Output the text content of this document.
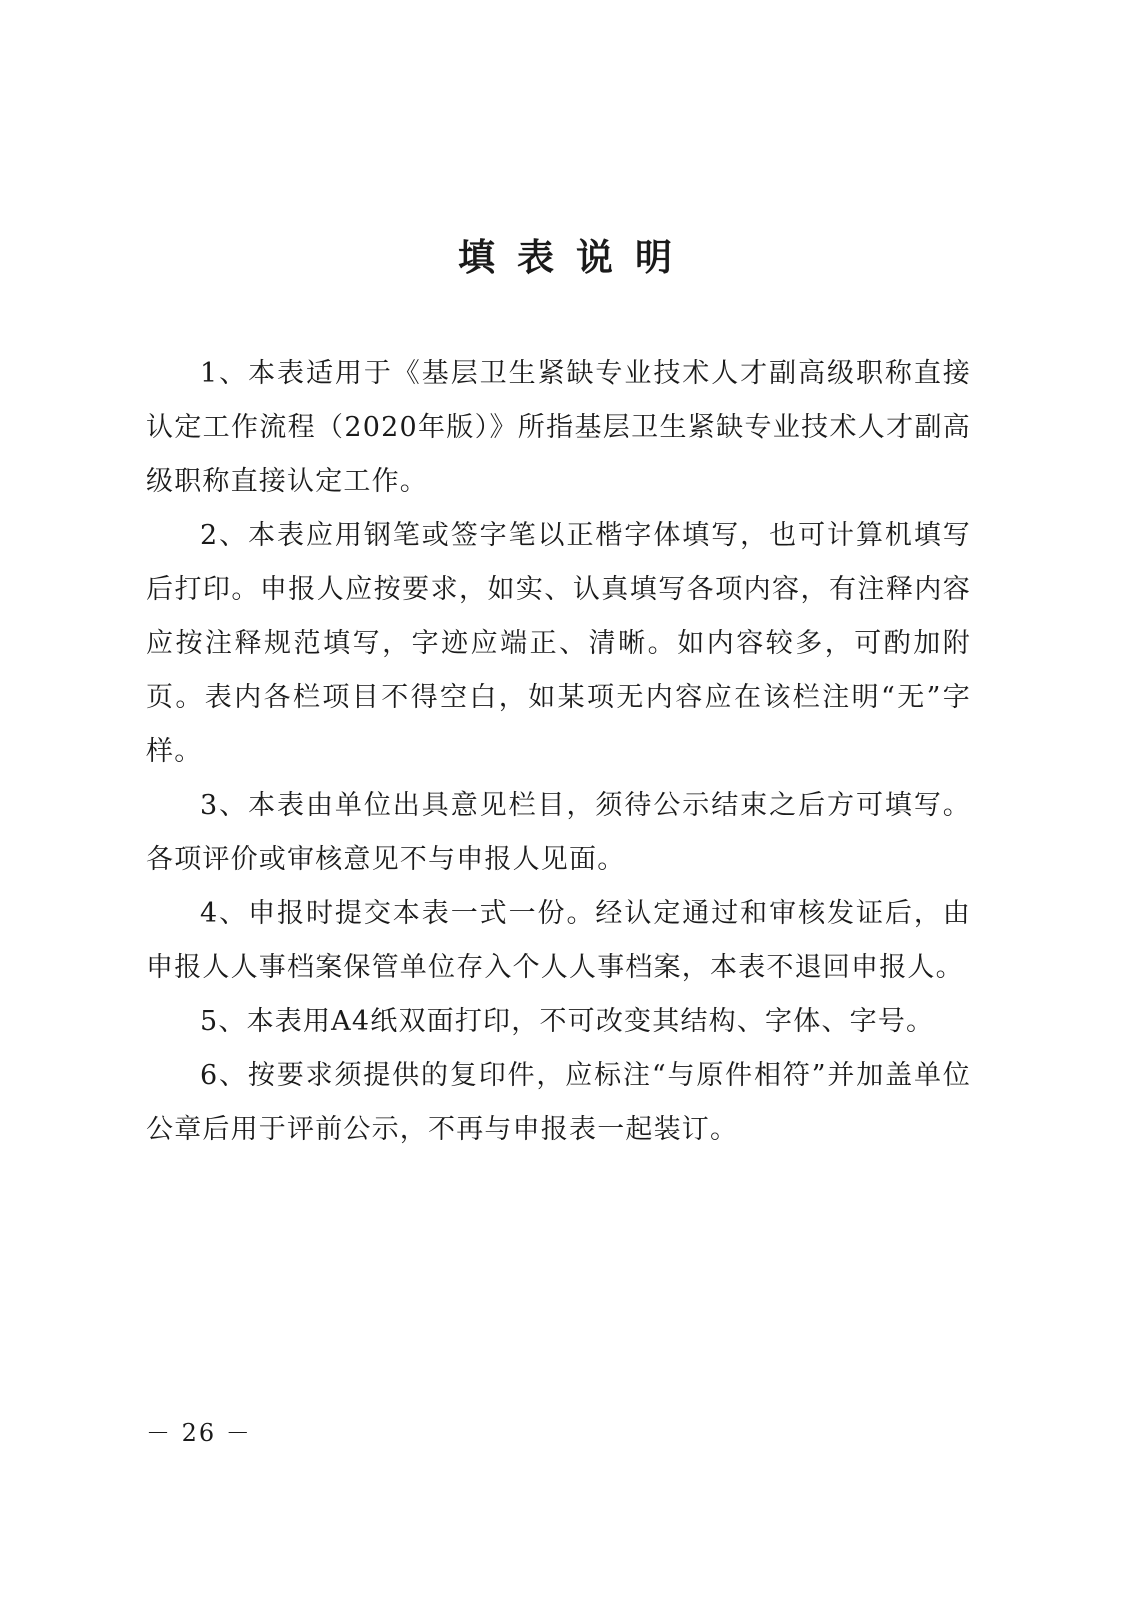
填表说明

1、本表适用于《基层卫生紧缺专业技术人才副高级职称直接认定工作流程（2020年版）》所指基层卫生紧缺专业技术人才副高级职称直接认定工作。

2、本表应用钢笔或签字笔以正楷字体填写，也可计算机填写后打印。申报人应按要求，如实、认真填写各项内容，有注释内容应按注释规范填写，字迹应端正、清晰。如内容较多，可酌加附页。表内各栏项目不得空白，如某项无内容应在该栏注明“无”字样。

3、本表由单位出具意见栏目，须待公示结束之后方可填写。各项评价或审核意见不与申报人见面。

4、申报时提交本表一式一份。经认定通过和审核发证后，由申报人人事档案保管单位存入个人人事档案，本表不退回申报人。

5、本表用A4纸双面打印，不可改变其结构、字体、字号。

6、按要求须提供的复印件，应标注“与原件相符”并加盖单位公章后用于评前公示，不再与申报表一起装订。

－ 26 －
